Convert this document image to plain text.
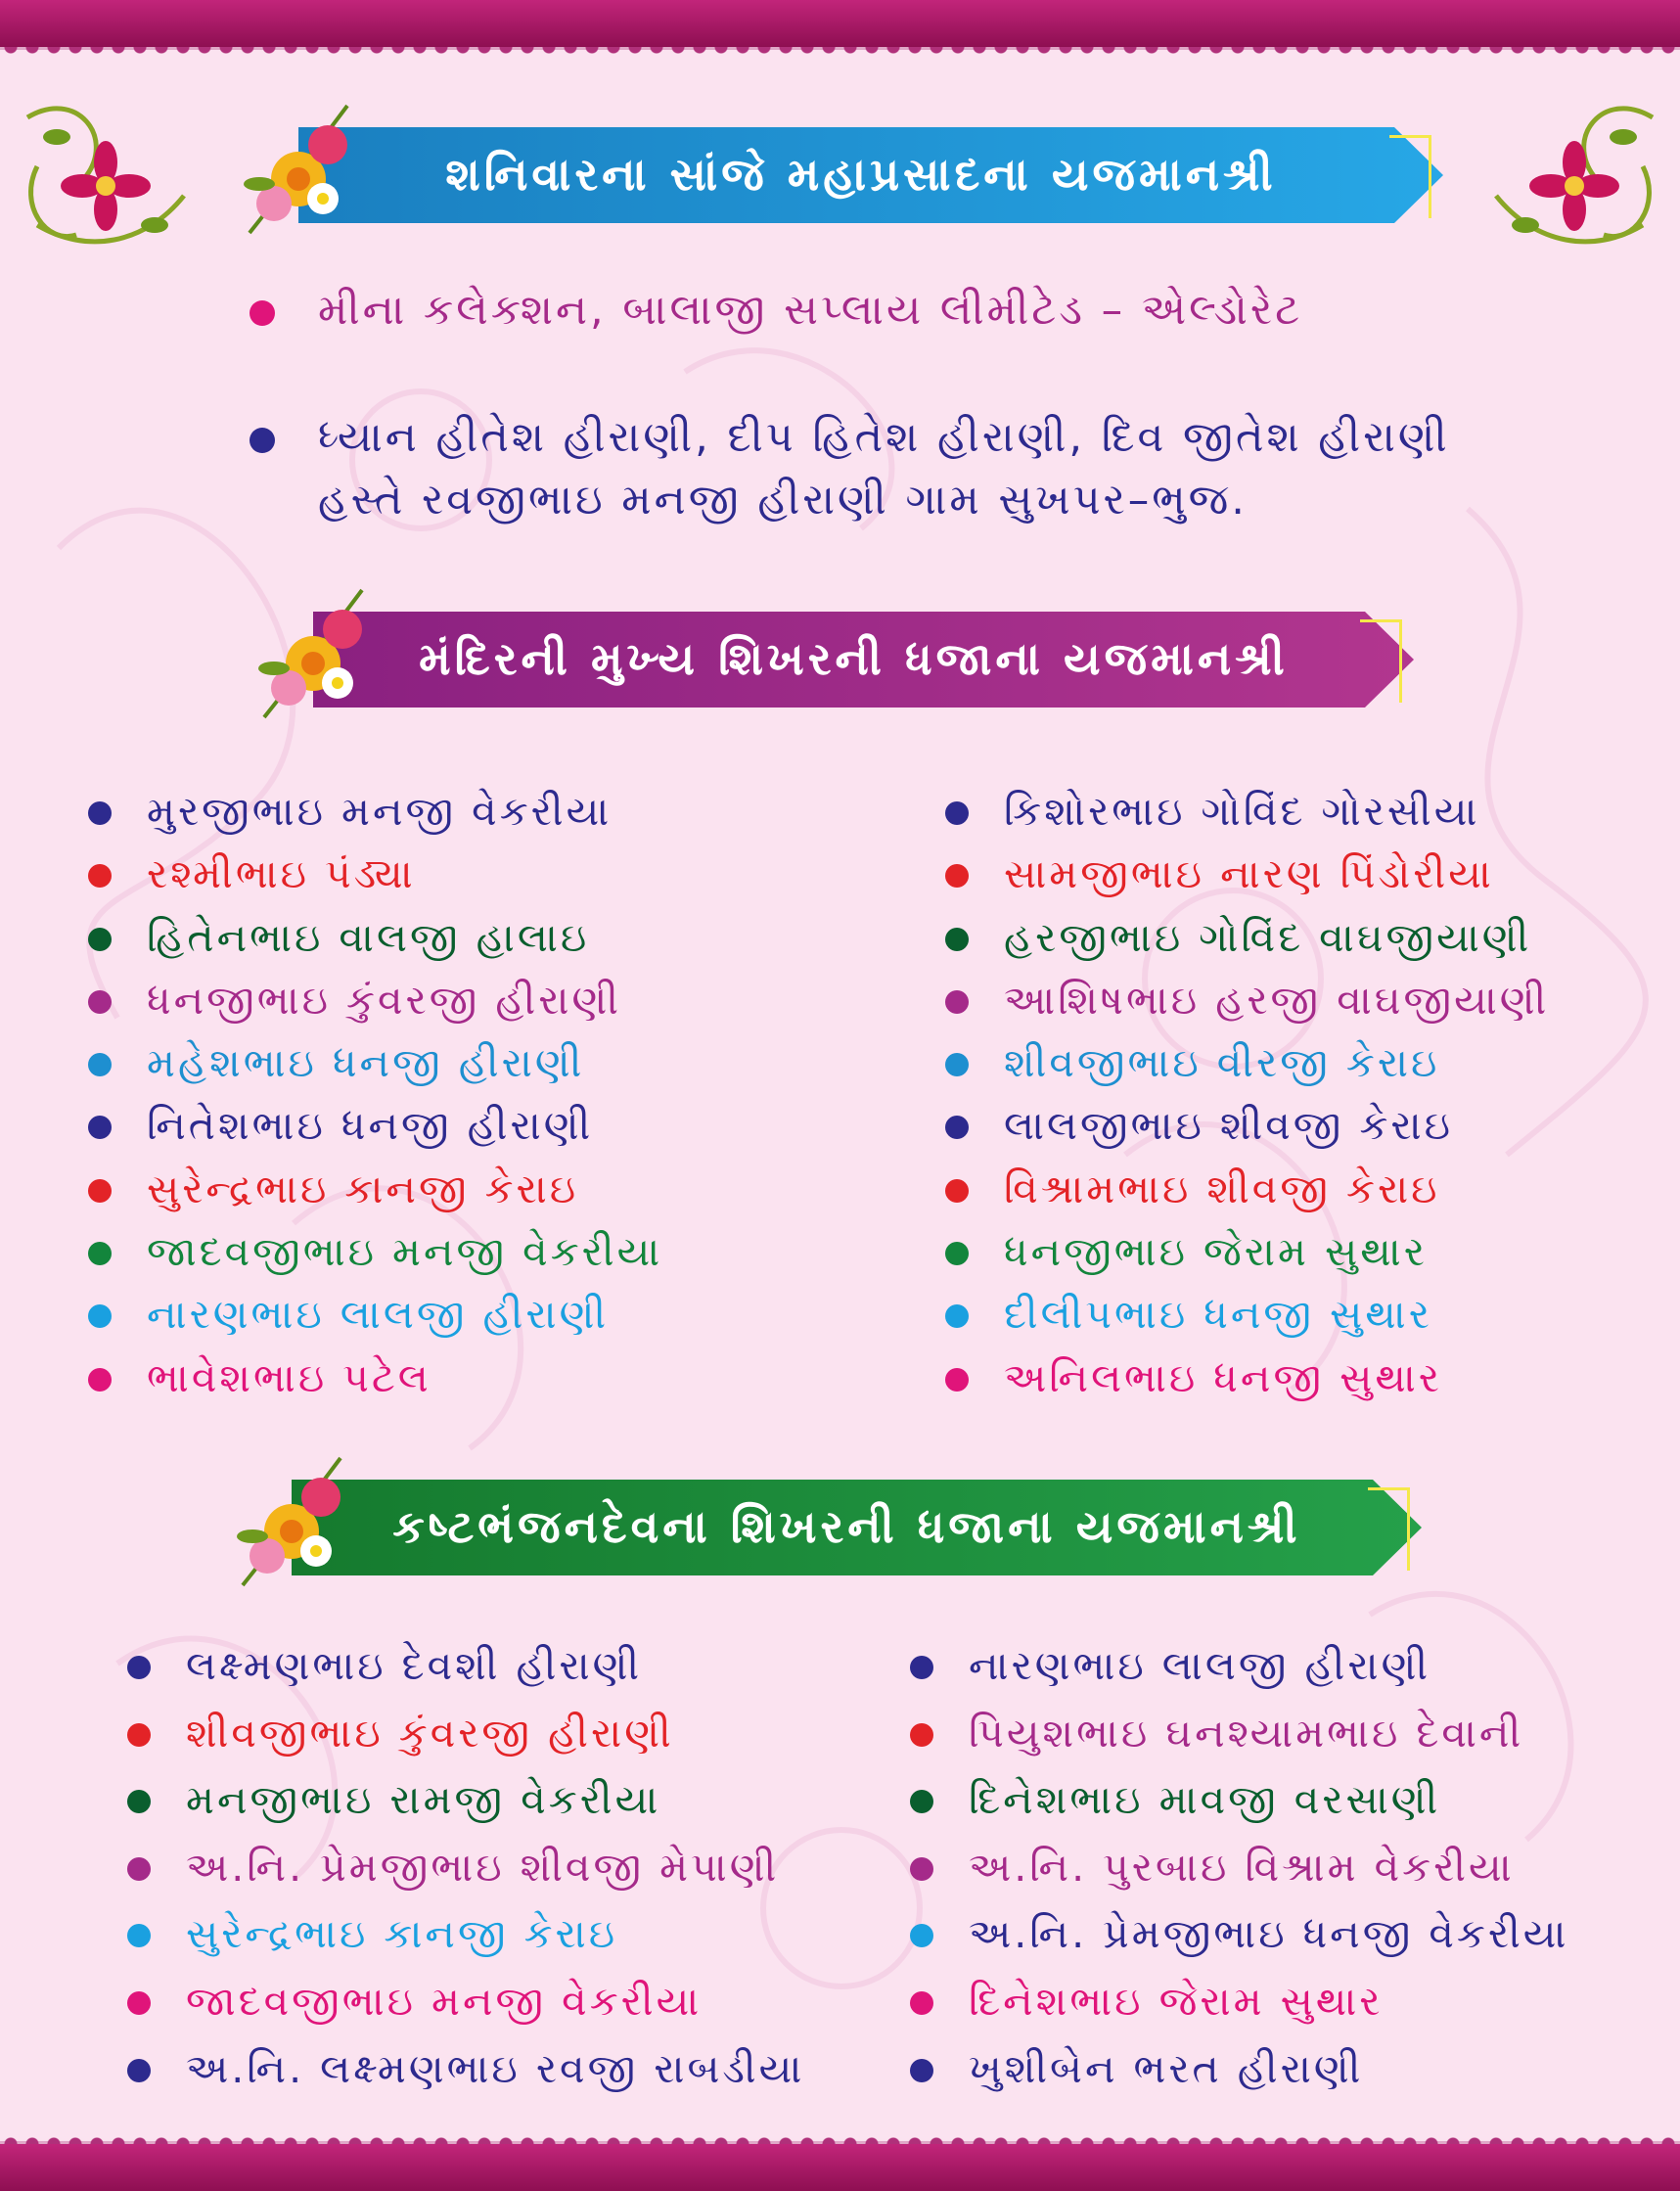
શનિવારના સાંજે મહાપ્રસાદના યજમાનશ્રી
મીના કલેક્શન, બાલાજી સપ્લાય લીમીટેડ – એલ્ડોરેટ
ધ્યાન હીતેશ હીરાણી, દીપ હિતેશ હીરાણી, દિવ જીતેશ હીરાણી
હસ્તે રવજીભાઇ મનજી હીરાણી ગામ સુખપર–ભુજ.
મંદિરની મુખ્ય શિખરની ધજાના યજમાનશ્રી
મુરજીભાઇ મનજી વેકરીયા
રશ્મીભાઇ પંડ્યા
હિતેનભાઇ વાલજી હાલાઇ
ધનજીભાઇ કુંવરજી હીરાણી
મહેશભાઇ ધનજી હીરાણી
નિતેશભાઇ ધનજી હીરાણી
સુરેન્દ્રભાઇ કાનજી કેરાઇ
જાદવજીભાઇ મનજી વેકરીયા
નારણભાઇ લાલજી હીરાણી
ભાવેશભાઇ પટેલ
કિશોરભાઇ ગોવિંદ ગોરસીયા
સામજીભાઇ નારણ પિંડોરીયા
હરજીભાઇ ગોવિંદ વાઘજીયાણી
આશિષભાઇ હરજી વાઘજીયાણી
શીવજીભાઇ વીરજી કેરાઇ
લાલજીભાઇ શીવજી કેરાઇ
વિશ્રામભાઇ શીવજી કેરાઇ
ધનજીભાઇ જેરામ સુથાર
દીલીપભાઇ ધનજી સુથાર
અનિલભાઇ ધનજી સુથાર
કષ્ટભંજનદેવના શિખરની ધજાના યજમાનશ્રી
લક્ષ્મણભાઇ દેવશી હીરાણી
શીવજીભાઇ કુંવરજી હીરાણી
મનજીભાઇ રામજી વેકરીયા
અ.નિ. પ્રેમજીભાઇ શીવજી મેપાણી
સુરેન્દ્રભાઇ કાનજી કેરાઇ
જાદવજીભાઇ મનજી વેકરીયા
અ.નિ. લક્ષ્મણભાઇ રવજી રાબડીયા
નારણભાઇ લાલજી હીરાણી
પિયુશભાઇ ઘનશ્યામભાઇ દેવાની
દિનેશભાઇ માવજી વરસાણી
અ.નિ. પુરબાઇ વિશ્રામ વેકરીયા
અ.નિ. પ્રેમજીભાઇ ધનજી વેકરીયા
દિનેશભાઇ જેરામ સુથાર
ખુશીબેન ભરત હીરાણી
